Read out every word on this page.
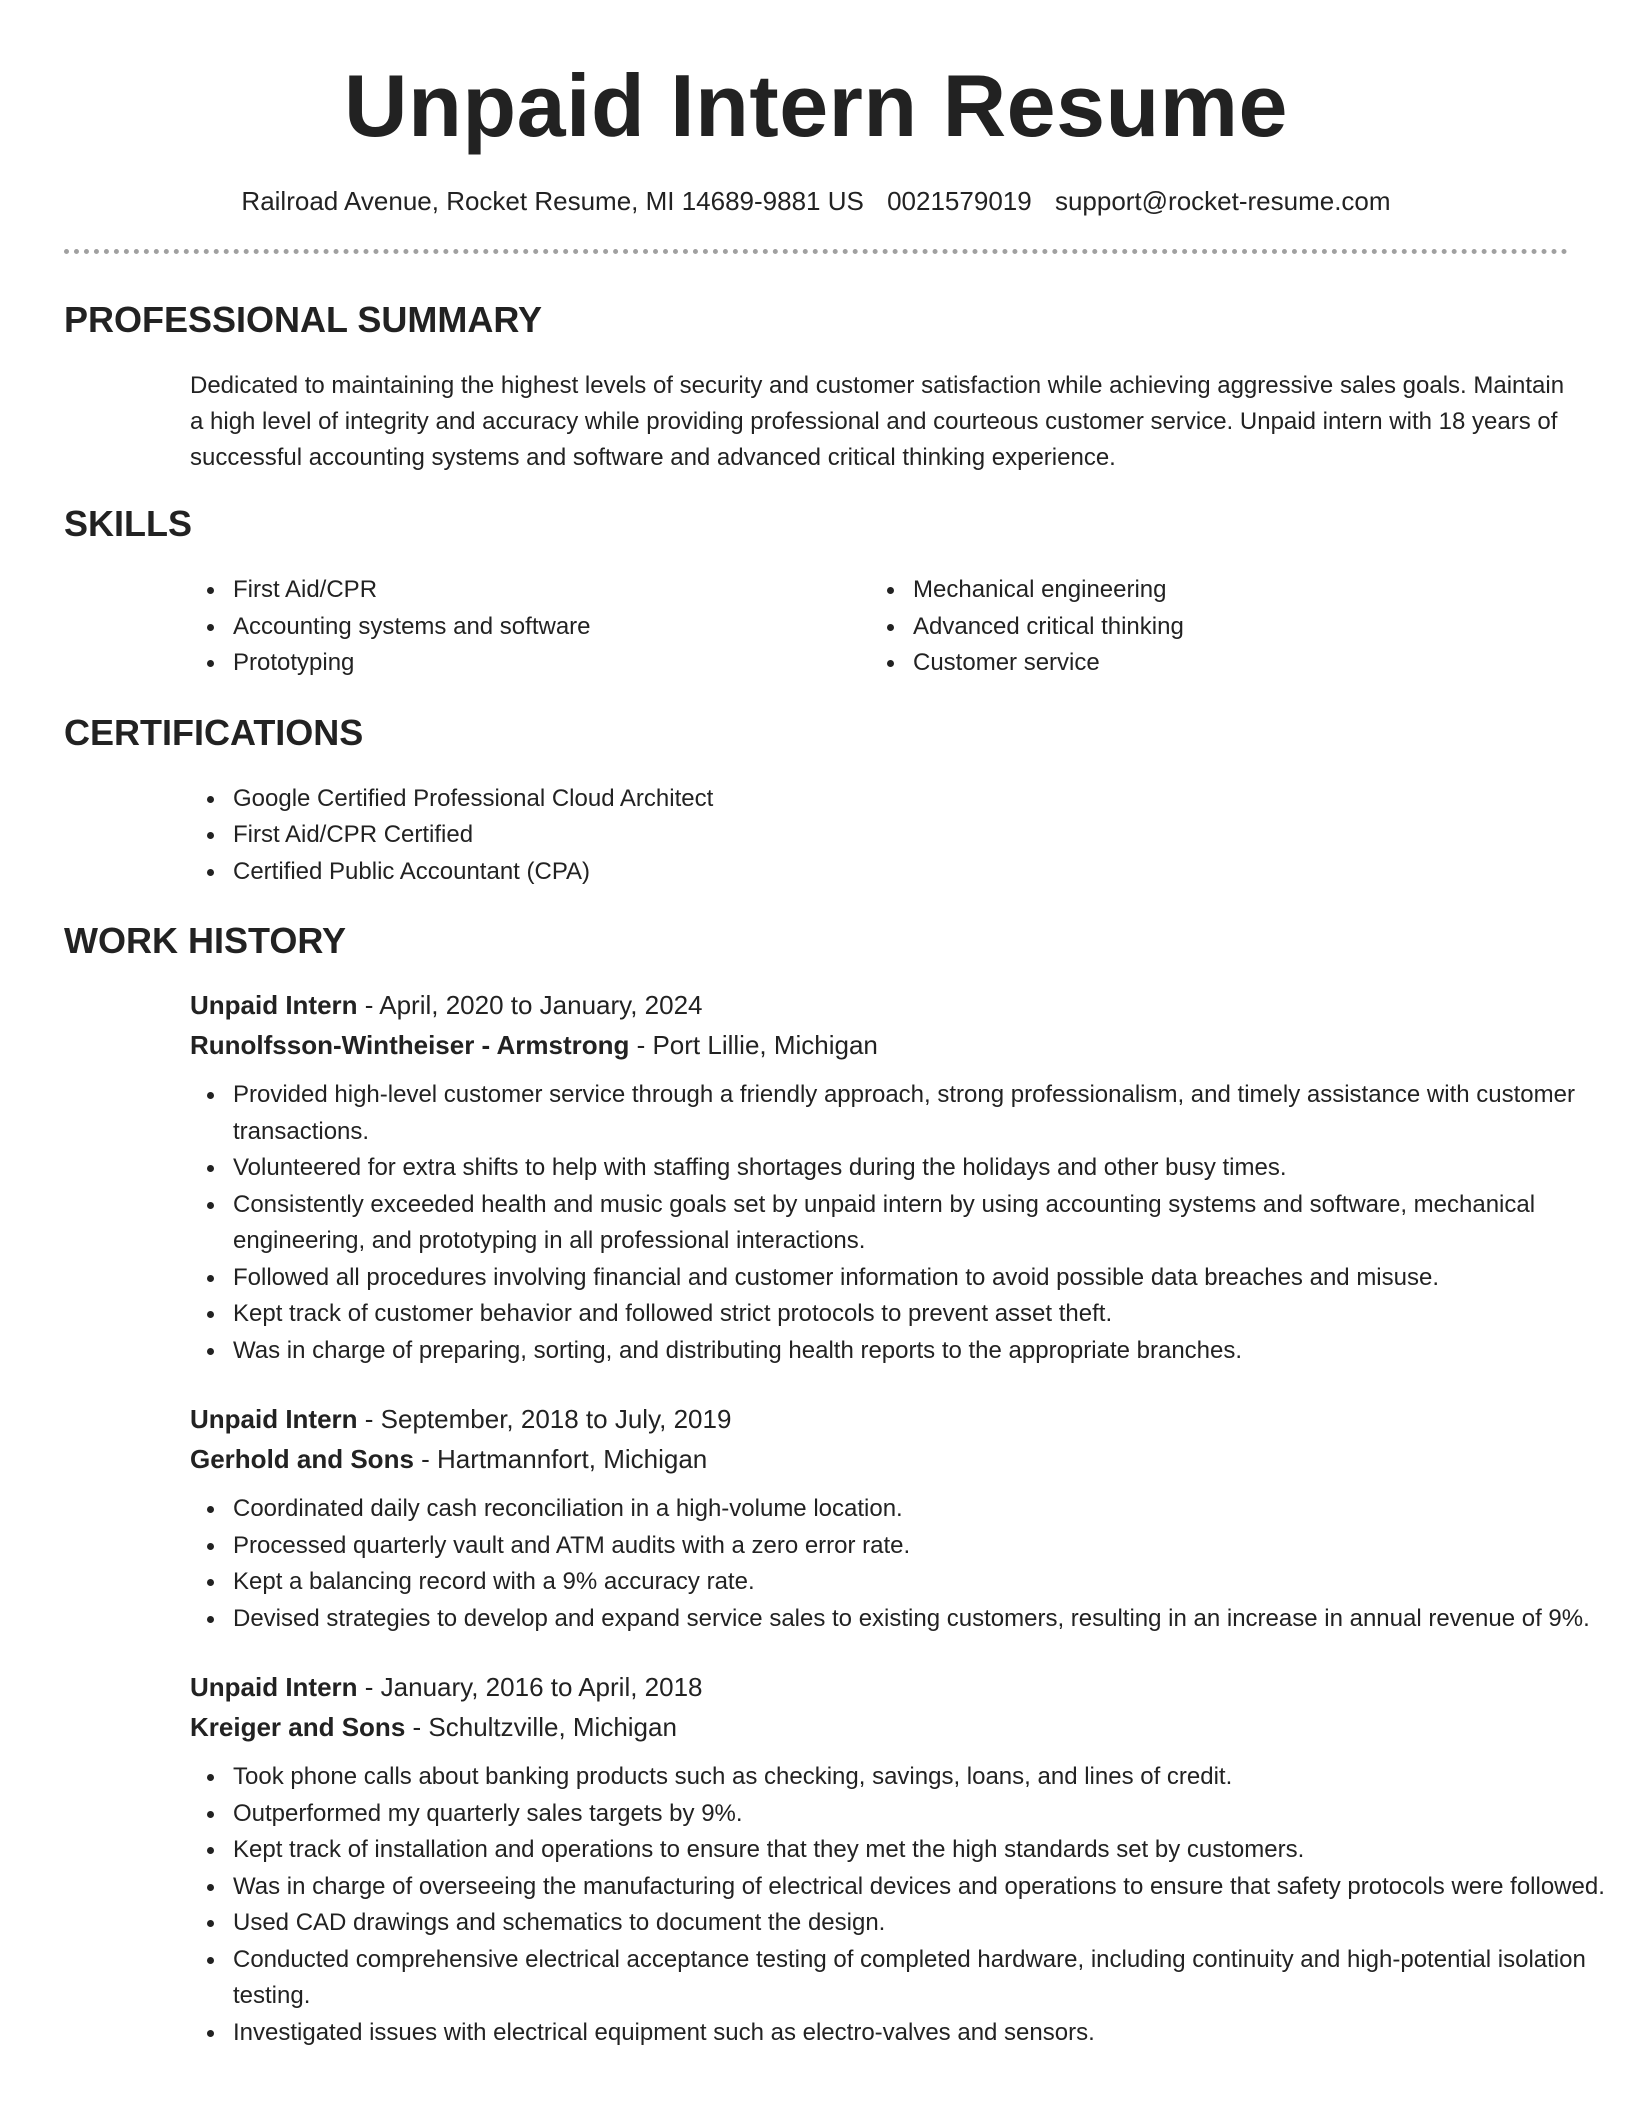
Unpaid Intern Resume
Railroad Avenue, Rocket Resume, MI 14689-9881 US 0021579019 support@rocket-resume.com
PROFESSIONAL SUMMARY

Dedicated to maintaining the highest levels of security and customer satisfaction while achieving aggressive sales goals. Maintain a high level of integrity and accuracy while providing professional and courteous customer service. Unpaid intern with 18 years of successful accounting systems and software and advanced critical thinking experience.

SKILLS
First Aid/CPR
Accounting systems and software
Prototyping
Mechanical engineering
Advanced critical thinking
Customer service
CERTIFICATIONS
Google Certified Professional Cloud Architect
First Aid/CPR Certified
Certified Public Accountant (CPA)
WORK HISTORY
Unpaid Intern - April, 2020 to January, 2024
Runolfsson-Wintheiser - Armstrong - Port Lillie, Michigan
Provided high-level customer service through a friendly approach, strong professionalism, and timely assistance with customer transactions.
Volunteered for extra shifts to help with staffing shortages during the holidays and other busy times.
Consistently exceeded health and music goals set by unpaid intern by using accounting systems and software, mechanical engineering, and prototyping in all professional interactions.
Followed all procedures involving financial and customer information to avoid possible data breaches and misuse.
Kept track of customer behavior and followed strict protocols to prevent asset theft.
Was in charge of preparing, sorting, and distributing health reports to the appropriate branches.
Unpaid Intern - September, 2018 to July, 2019
Gerhold and Sons - Hartmannfort, Michigan
Coordinated daily cash reconciliation in a high-volume location.
Processed quarterly vault and ATM audits with a zero error rate.
Kept a balancing record with a 9% accuracy rate.
Devised strategies to develop and expand service sales to existing customers, resulting in an increase in annual revenue of 9%.
Unpaid Intern - January, 2016 to April, 2018
Kreiger and Sons - Schultzville, Michigan
Took phone calls about banking products such as checking, savings, loans, and lines of credit.
Outperformed my quarterly sales targets by 9%.
Kept track of installation and operations to ensure that they met the high standards set by customers.
Was in charge of overseeing the manufacturing of electrical devices and operations to ensure that safety protocols were followed.
Used CAD drawings and schematics to document the design.
Conducted comprehensive electrical acceptance testing of completed hardware, including continuity and high-potential isolation testing.
Investigated issues with electrical equipment such as electro-valves and sensors.
